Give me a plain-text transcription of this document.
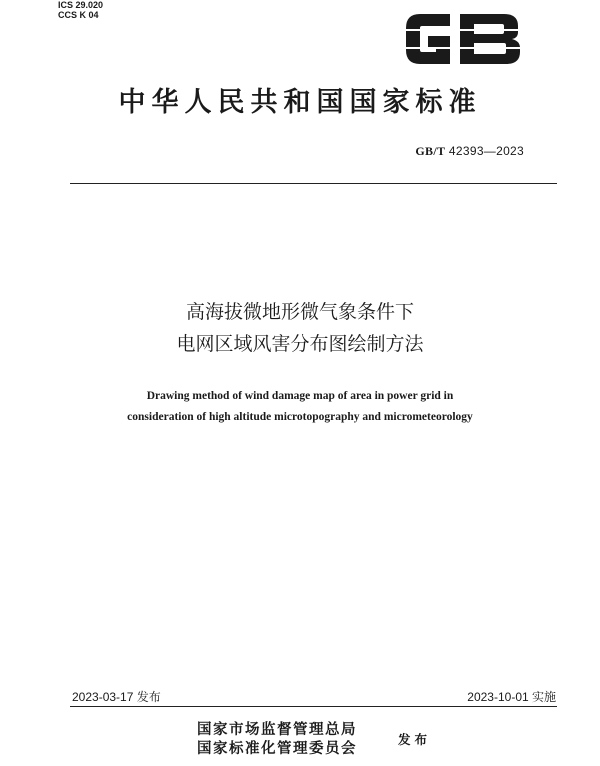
ICS 29.020
CCS K 04
中华人民共和国国家标准
GB/T 42393—2023
高海拔微地形微气象条件下
电网区域风害分布图绘制方法
Drawing method of wind damage map of area in power grid in
consideration of high altitude microtopography and micrometeorology
2023-03-17 发布	2023-10-01 实施
国家市场监督管理总局
国家标准化管理委员会
发布
